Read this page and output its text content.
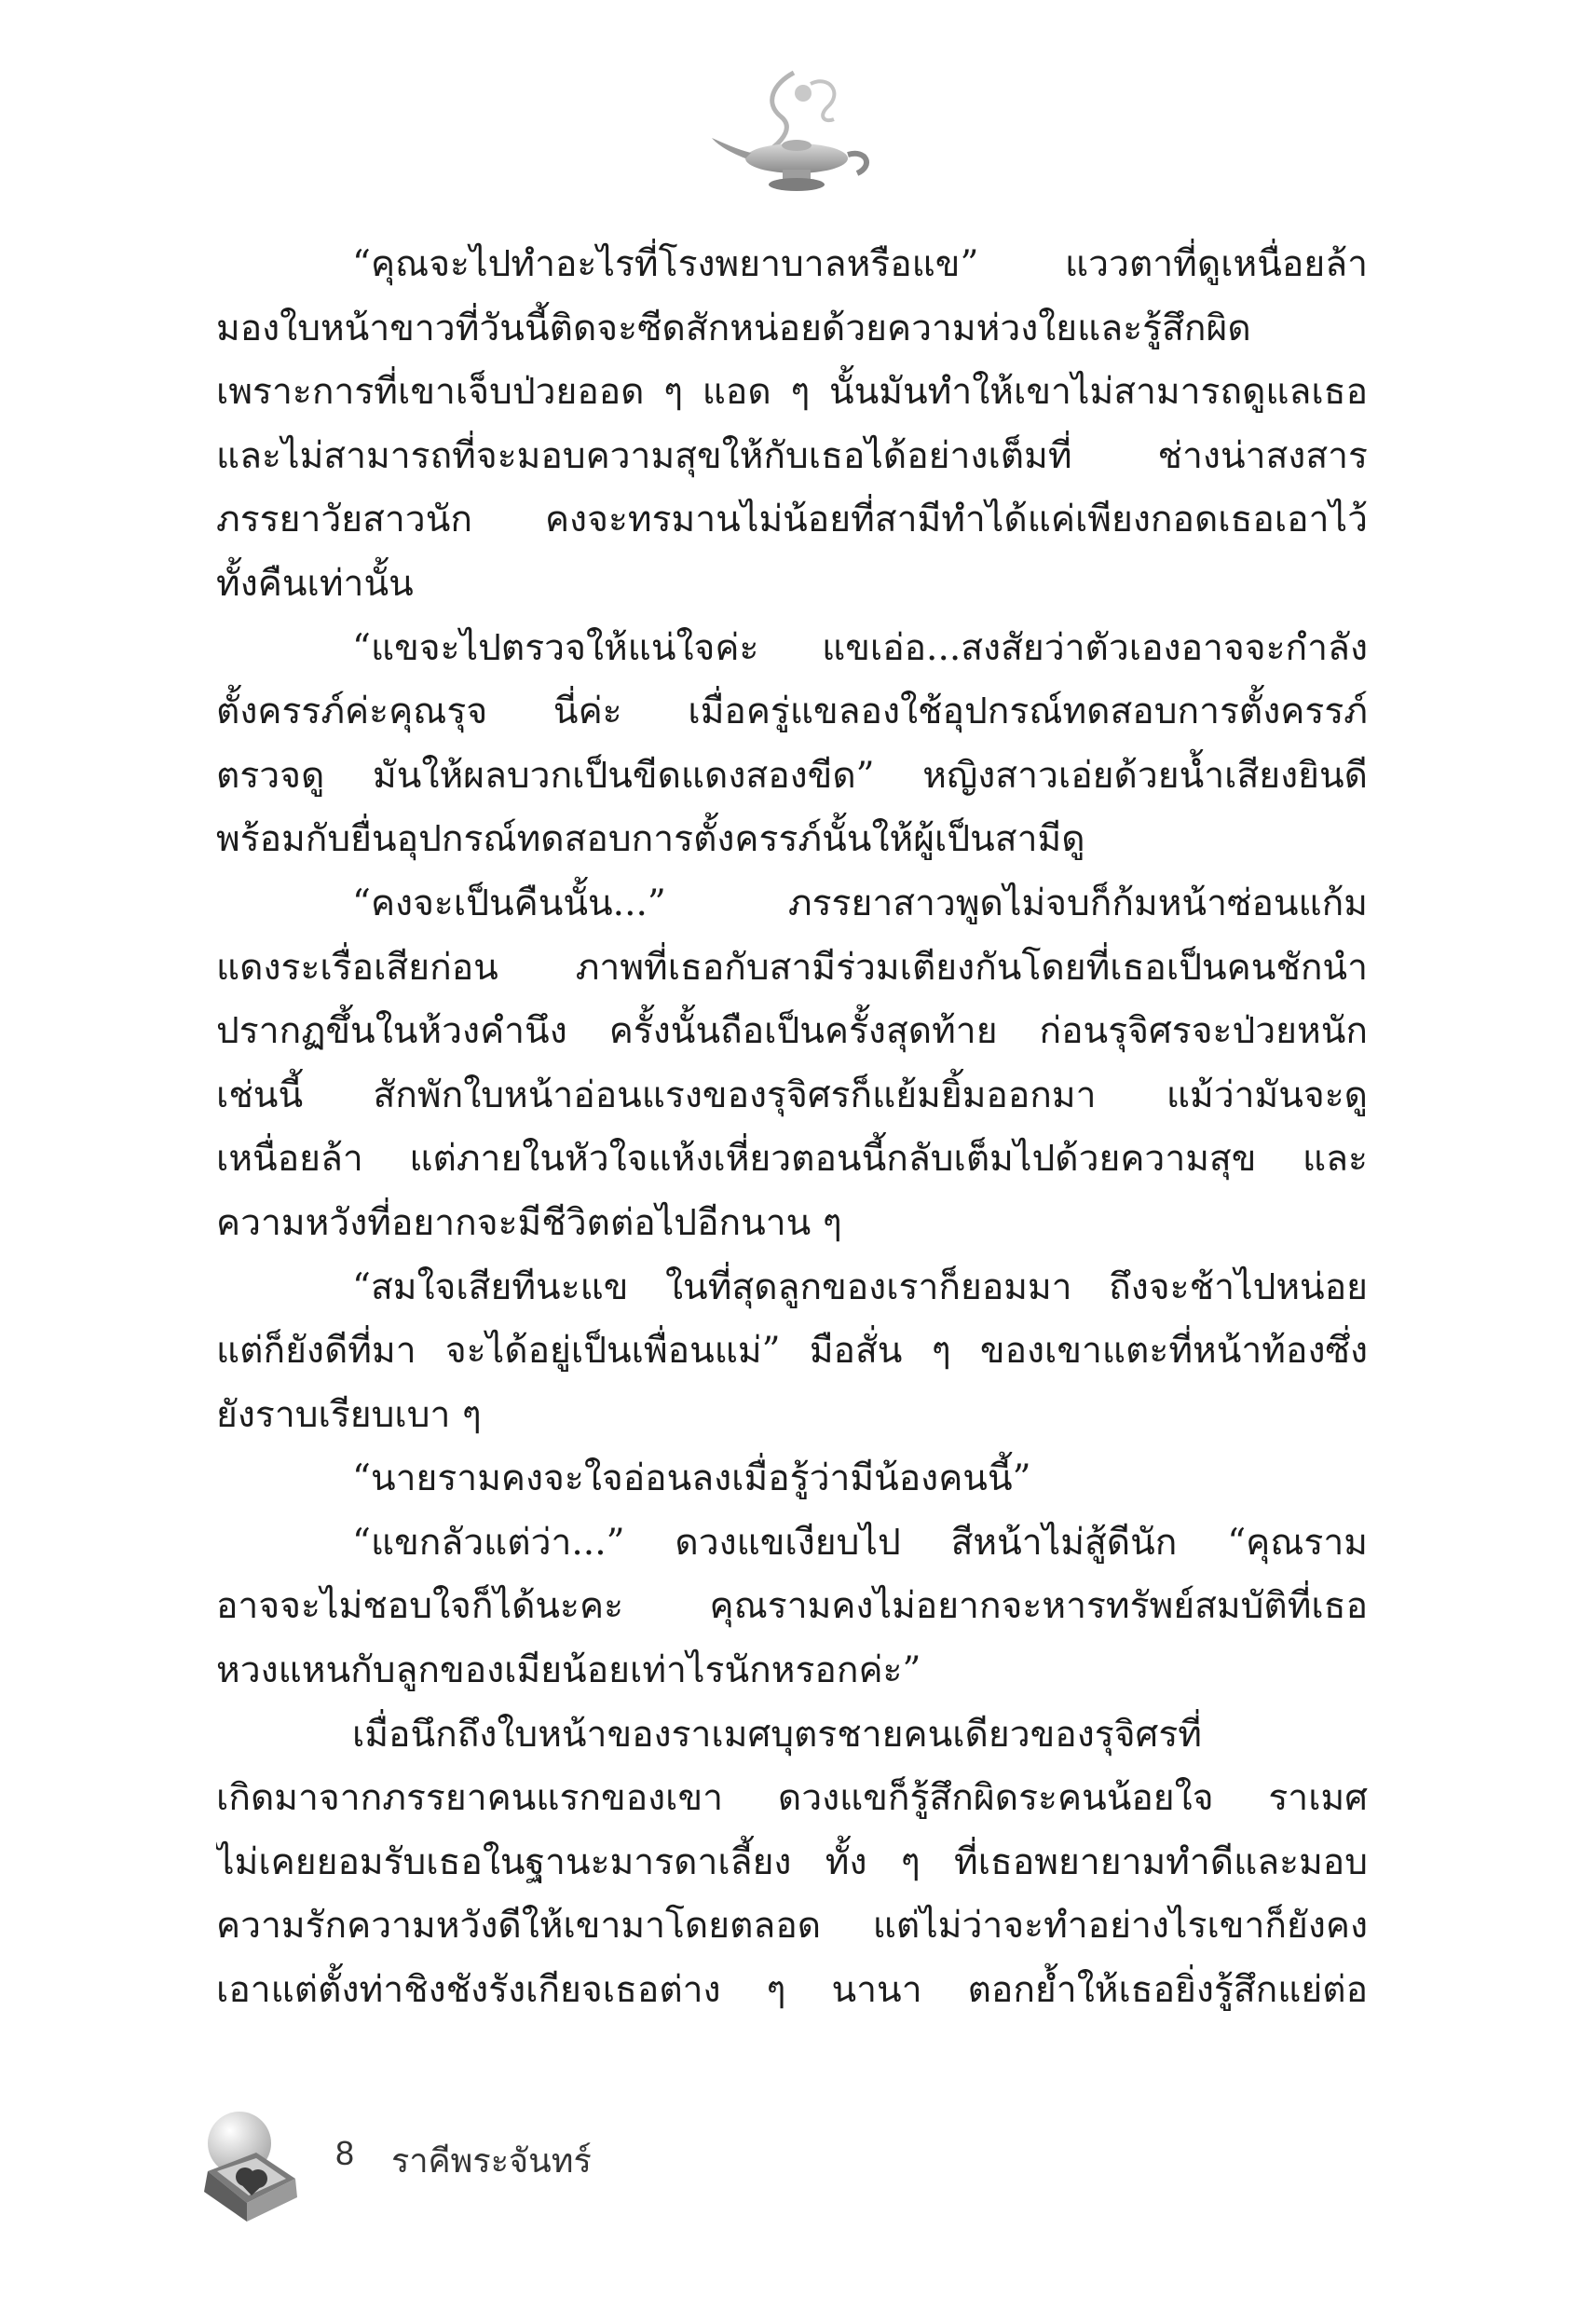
“คุณจะไปทำอะไรที่โรงพยาบาลหรือแข” แววตาที่ดูเหนื่อยล้า
มองใบหน้าขาวที่วันนี้ติดจะซีดสักหน่อยด้วยความห่วงใยและรู้สึกผิด
เพราะการที่เขาเจ็บป่วยออด ๆ แอด ๆ นั้นมันทำให้เขาไม่สามารถดูแลเธอ
และไม่สามารถที่จะมอบความสุขให้กับเธอได้อย่างเต็มที่ ช่างน่าสงสาร
ภรรยาวัยสาวนัก คงจะทรมานไม่น้อยที่สามีทำได้แค่เพียงกอดเธอเอาไว้
ทั้งคืนเท่านั้น
“แขจะไปตรวจให้แน่ใจค่ะ แขเอ่อ...สงสัยว่าตัวเองอาจจะกำลัง
ตั้งครรภ์ค่ะคุณรุจ นี่ค่ะ เมื่อครู่แขลองใช้อุปกรณ์ทดสอบการตั้งครรภ์
ตรวจดู มันให้ผลบวกเป็นขีดแดงสองขีด” หญิงสาวเอ่ยด้วยน้ำเสียงยินดี
พร้อมกับยื่นอุปกรณ์ทดสอบการตั้งครรภ์นั้นให้ผู้เป็นสามีดู
“คงจะเป็นคืนนั้น...” ภรรยาสาวพูดไม่จบก็ก้มหน้าซ่อนแก้ม
แดงระเรื่อเสียก่อน ภาพที่เธอกับสามีร่วมเตียงกันโดยที่เธอเป็นคนชักนำ
ปรากฏขึ้นในห้วงคำนึง ครั้งนั้นถือเป็นครั้งสุดท้าย ก่อนรุจิศรจะป่วยหนัก
เช่นนี้ สักพักใบหน้าอ่อนแรงของรุจิศรก็แย้มยิ้มออกมา แม้ว่ามันจะดู
เหนื่อยล้า แต่ภายในหัวใจแห้งเหี่ยวตอนนี้กลับเต็มไปด้วยความสุข และ
ความหวังที่อยากจะมีชีวิตต่อไปอีกนาน ๆ
“สมใจเสียทีนะแข ในที่สุดลูกของเราก็ยอมมา ถึงจะช้าไปหน่อย
แต่ก็ยังดีที่มา จะได้อยู่เป็นเพื่อนแม่” มือสั่น ๆ ของเขาแตะที่หน้าท้องซึ่ง
ยังราบเรียบเบา ๆ
“นายรามคงจะใจอ่อนลงเมื่อรู้ว่ามีน้องคนนี้”
“แขกลัวแต่ว่า...” ดวงแขเงียบไป สีหน้าไม่สู้ดีนัก “คุณราม
อาจจะไม่ชอบใจก็ได้นะคะ คุณรามคงไม่อยากจะหารทรัพย์สมบัติที่เธอ
หวงแหนกับลูกของเมียน้อยเท่าไรนักหรอกค่ะ”
เมื่อนึกถึงใบหน้าของราเมศบุตรชายคนเดียวของรุจิศรที่
เกิดมาจากภรรยาคนแรกของเขา ดวงแขก็รู้สึกผิดระคนน้อยใจ ราเมศ
ไม่เคยยอมรับเธอในฐานะมารดาเลี้ยง ทั้ง ๆ ที่เธอพยายามทำดีและมอบ
ความรักความหวังดีให้เขามาโดยตลอด แต่ไม่ว่าจะทำอย่างไรเขาก็ยังคง
เอาแต่ตั้งท่าชิงชังรังเกียจเธอต่าง ๆ นานา ตอกย้ำให้เธอยิ่งรู้สึกแย่ต่อ
8 ราคีพระจันทร์
